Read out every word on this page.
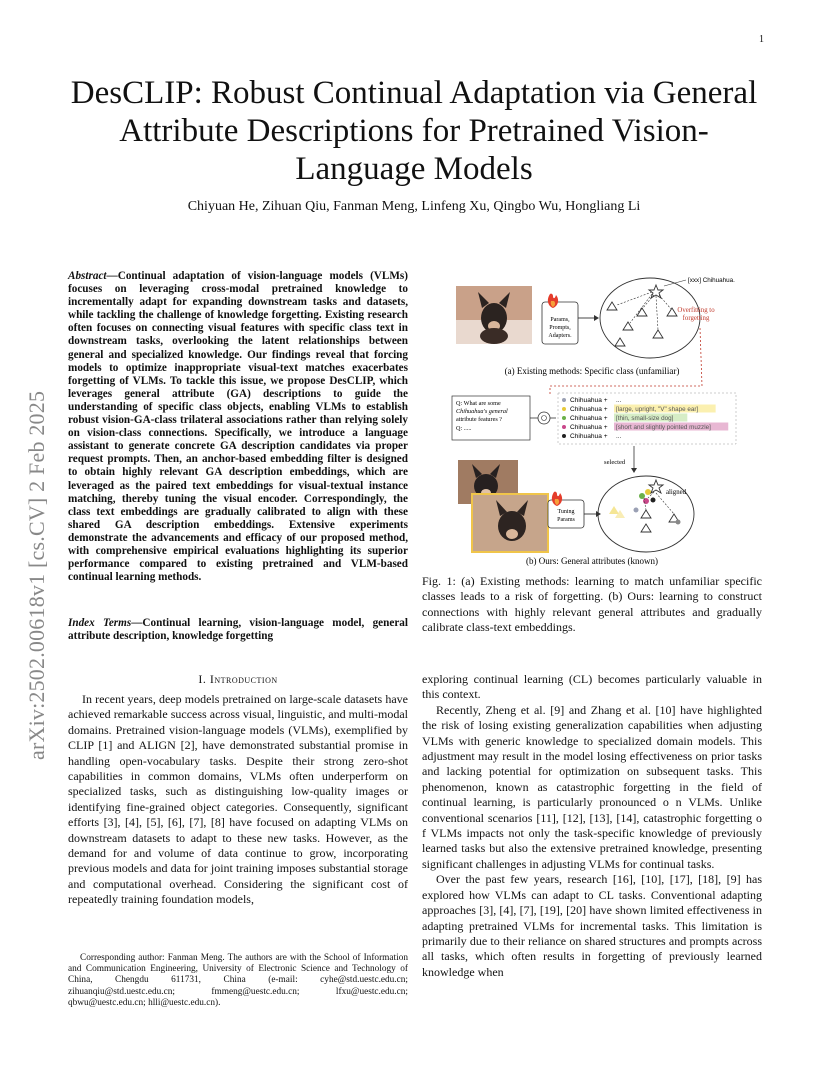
1
arXiv:2502.00618v1 [cs.CV] 2 Feb 2025
DesCLIP: Robust Continual Adaptation via General Attribute Descriptions for Pretrained Vision-Language Models
Chiyuan He, Zihuan Qiu, Fanman Meng, Linfeng Xu, Qingbo Wu, Hongliang Li
Abstract—Continual adaptation of vision-language models (VLMs) focuses on leveraging cross-modal pretrained knowledge to incrementally adapt for expanding downstream tasks and datasets, while tackling the challenge of knowledge forgetting. Existing research often focuses on connecting visual features with specific class text in downstream tasks, overlooking the latent relationships between general and specialized knowledge. Our findings reveal that forcing models to optimize inappropriate visual-text matches exacerbates forgetting of VLMs. To tackle this issue, we propose DesCLIP, which leverages general attribute (GA) descriptions to guide the understanding of specific class objects, enabling VLMs to establish robust vision-GA-class trilateral associations rather than relying solely on vision-class connections. Specifically, we introduce a language assistant to generate concrete GA description candidates via proper request prompts. Then, an anchor-based embedding filter is designed to obtain highly relevant GA description embeddings, which are leveraged as the paired text embeddings for visual-textual instance matching, thereby tuning the visual encoder. Correspondingly, the class text embeddings are gradually calibrated to align with these shared GA description embeddings. Extensive experiments demonstrate the advancements and efficacy of our proposed method, with comprehensive empirical evaluations highlighting its superior performance compared to existing pretrained and VLM-based continual learning methods.
Index Terms—Continual learning, vision-language model, general attribute description, knowledge forgetting
I. Introduction
In recent years, deep models pretrained on large-scale datasets have achieved remarkable success across visual, linguistic, and multi-modal domains. Pretrained vision-language models (VLMs), exemplified by CLIP [1] and ALIGN [2], have demonstrated substantial promise in handling open-vocabulary tasks. Despite their strong zero-shot capabilities in common domains, VLMs often underperform on specialized tasks, such as distinguishing low-quality images or identifying fine-grained object categories. Consequently, significant efforts [3], [4], [5], [6], [7], [8] have focused on adapting VLMs on downstream datasets to adapt to these new tasks. However, as the demand for and volume of data continue to grow, incorporating previous models and data for joint training imposes substantial storage and computational overhead. Considering the significant cost of repeatedly training foundation models,
Corresponding author: Fanman Meng. The authors are with the School of Information and Communication Engineering, University of Electronic Science and Technology of China, Chengdu 611731, China (e-mail: cyhe@std.uestc.edu.cn; zihuanqiu@std.uestc.edu.cn; fmmeng@uestc.edu.cn; lfxu@uestc.edu.cn; qbwu@uestc.edu.cn; hlli@uestc.edu.cn).
Params,
Prompts,
Adapters.
[xxx] Chihuahua.
Overfitting to
forgetting
(a) Existing methods: Specific class (unfamiliar)
Q: What are some
Chihuahua's general
attribute features ?
Q: .....
Chihuahua + ...
Chihuahua + [large, upright, "V" shape ear]
Chihuahua + [thin, small-size dog]
Chihuahua + [short and slightly pointed muzzle]
Chihuahua + ...
selected
Tuning
Params
aligned
(b) Ours: General attributes (known)
Fig. 1: (a) Existing methods: learning to match unfamiliar specific classes leads to a risk of forgetting. (b) Ours: learning to construct connections with highly relevant general attributes and gradually calibrate class-text embeddings.

exploring continual learning (CL) becomes particularly valuable in this context.

Recently, Zheng et al. [9] and Zhang et al. [10] have highlighted the risk of losing existing generalization capabilities when adjusting VLMs with generic knowledge to specialized domain models. This adjustment may result in the model losing effectiveness on prior tasks and lacking potential for optimization on subsequent tasks. This phenomenon, known as catastrophic forgetting in the field of continual learning, is particularly pronounced o n VLMs. Unlike conventional scenarios [11], [12], [13], [14], catastrophic forgetting o f VLMs impacts not only the task-specific knowledge of previously learned tasks but also the extensive pretrained knowledge, presenting significant challenges in adjusting VLMs for continual tasks.

Over the past few years, research [16], [10], [17], [18], [9] has explored how VLMs can adapt to CL tasks. Conventional adapting approaches [3], [4], [7], [19], [20] have shown limited effectiveness in adapting pretrained VLMs for incremental tasks. This limitation is primarily due to their reliance on shared structures and prompts across all tasks, which often results in forgetting of previously learned knowledge when
